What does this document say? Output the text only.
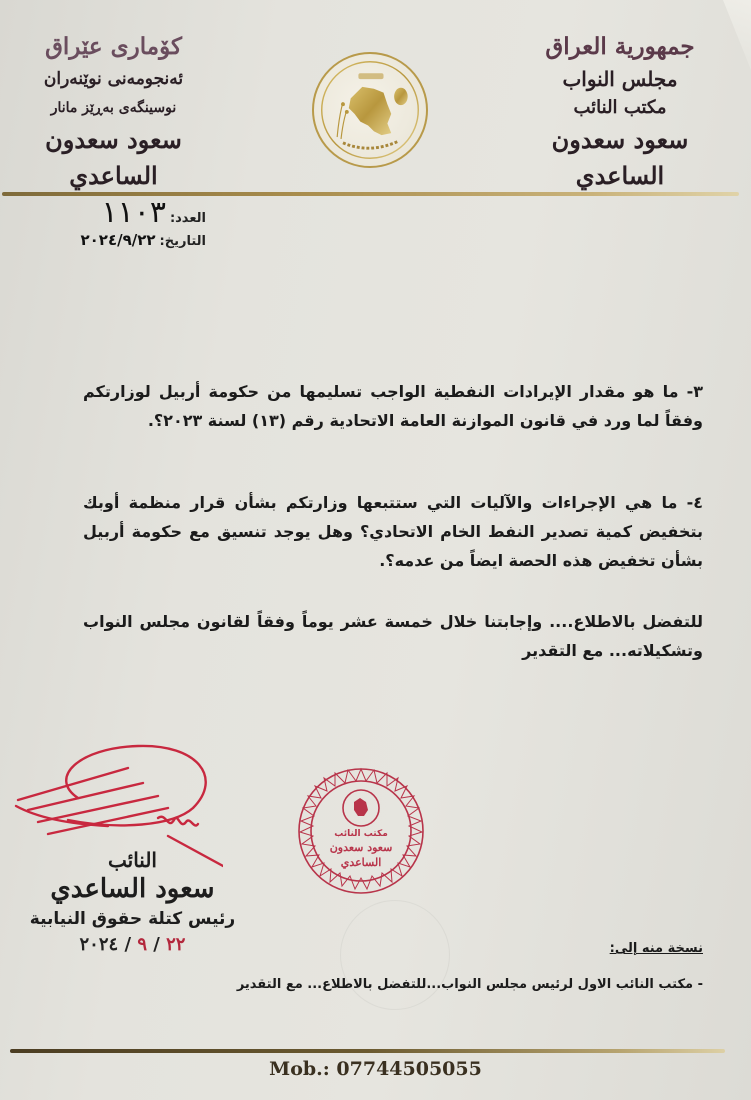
جمهورية العراق
مجلس النواب
مكتب النائب
سعود سعدون الساعدي
کۆماری عێراق
ئەنجومەنی نوێنەران
نوسینگەی بەڕێز مانار
سعود سعدون الساعدي
العدد:
١١٠٣
التاريخ:
٢٠٢٤/٩/٢٢

٣- ما هو مقدار الإيرادات النفطية الواجب تسليمها من حكومة أربيل لوزارتكم وفقاً لما ورد في قانون الموازنة العامة الاتحادية رقم (١٣) لسنة ٢٠٢٣؟.

٤- ما هي الإجراءات والآليات التي ستتبعها وزارتكم بشأن قرار منظمة أوبك بتخفيض كمية تصدير النفط الخام الاتحادي؟ وهل يوجد تنسيق مع حكومة أربيل بشأن تخفيض هذه الحصة ايضاً من عدمه؟.

للتفضل بالاطلاع.... وإجابتنا خلال خمسة عشر يوماً وفقاً لقانون مجلس النواب وتشكيلاته... مع التقدير

النائب
سعود الساعدي
رئيس كتلة حقوق النيابية
٢٢ / ٩ / ٢٠٢٤
مكتب النائب
سعود سعدون
الساعدي
نسخة منه إلى:
- مكتب النائب الاول لرئيس مجلس النواب...للتفضل بالاطلاع... مع التقدير
Mob.: 07744505055
